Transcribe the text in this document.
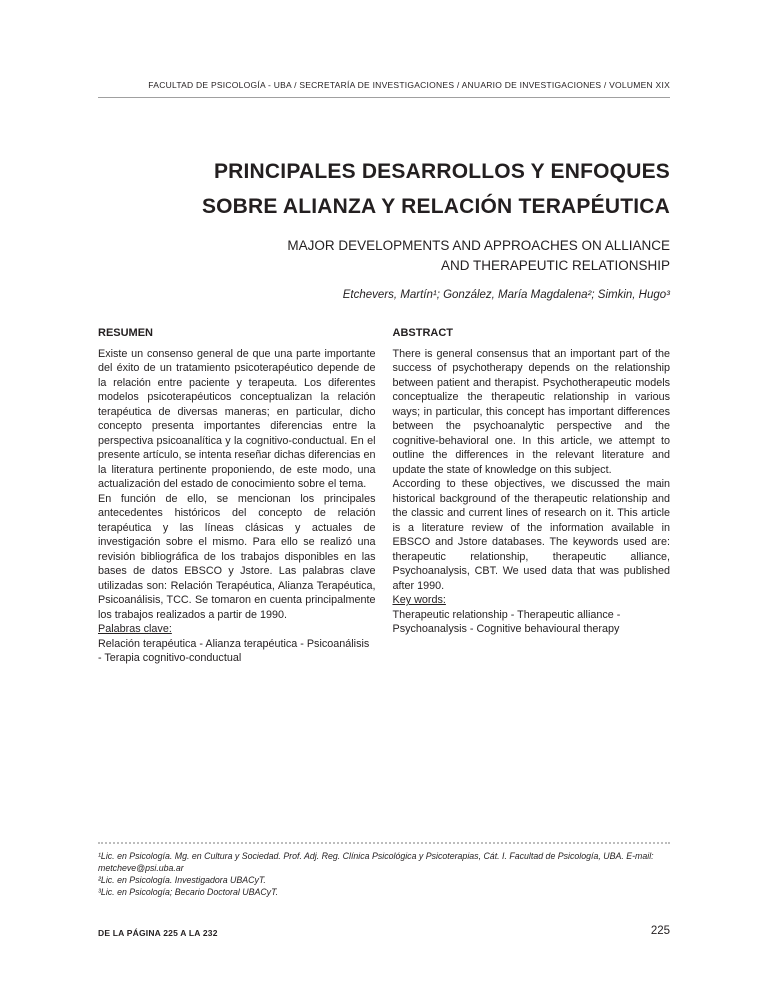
FACULTAD DE PSICOLOGÍA - UBA / SECRETARÍA DE INVESTIGACIONES / ANUARIO DE INVESTIGACIONES / VOLUMEN XIX
PRINCIPALES DESARROLLOS Y ENFOQUES
SOBRE ALIANZA Y RELACIÓN TERAPÉUTICA
MAJOR DEVELOPMENTS AND APPROACHES ON ALLIANCE
AND THERAPEUTIC RELATIONSHIP
Etchevers, Martín¹; González, María Magdalena²; Simkin, Hugo³
RESUMEN

Existe un consenso general de que una parte importante del éxito de un tratamiento psicoterapéutico depende de la relación entre paciente y terapeuta. Los diferentes modelos psicoterapéuticos conceptualizan la relación terapéutica de diversas maneras; en particular, dicho concepto presenta importantes diferencias entre la perspectiva psicoanalítica y la cognitivo-conductual. En el presente artículo, se intenta reseñar dichas diferencias en la literatura pertinente proponiendo, de este modo, una actualización del estado de conocimiento sobre el tema.

En función de ello, se mencionan los principales antecedentes históricos del concepto de relación terapéutica y las líneas clásicas y actuales de investigación sobre el mismo. Para ello se realizó una revisión bibliográfica de los trabajos disponibles en las bases de datos EBSCO y Jstore. Las palabras clave utilizadas son: Relación Terapéutica, Alianza Terapéutica, Psicoanálisis, TCC. Se tomaron en cuenta principalmente los trabajos realizados a partir de 1990.

Palabras clave:

Relación terapéutica - Alianza terapéutica - Psicoanálisis - Terapia cognitivo-conductual

ABSTRACT

There is general consensus that an important part of the success of psychotherapy depends on the relationship between patient and therapist. Psychotherapeutic models conceptualize the therapeutic relationship in various ways; in particular, this concept has important differences between the psychoanalytic perspective and the cognitive-behavioral one. In this article, we attempt to outline the differences in the relevant literature and update the state of knowledge on this subject.

According to these objectives, we discussed the main historical background of the therapeutic relationship and the classic and current lines of research on it. This article is a literature review of the information available in EBSCO and Jstore databases. The keywords used are: therapeutic relationship, therapeutic alliance, Psychoanalysis, CBT. We used data that was published after 1990.

Key words:

Therapeutic relationship - Therapeutic alliance - Psychoanalysis - Cognitive behavioural therapy

¹Lic. en Psicología. Mg. en Cultura y Sociedad. Prof. Adj. Reg. Clínica Psicológica y Psicoterapias, Cát. I. Facultad de Psicología, UBA. E-mail: metcheve@psi.uba.ar

²Lic. en Psicología. Investigadora UBACyT.

³Lic. en Psicología; Becario Doctoral UBACyT.

DE LA PÁGINA 225 A LA 232	225
